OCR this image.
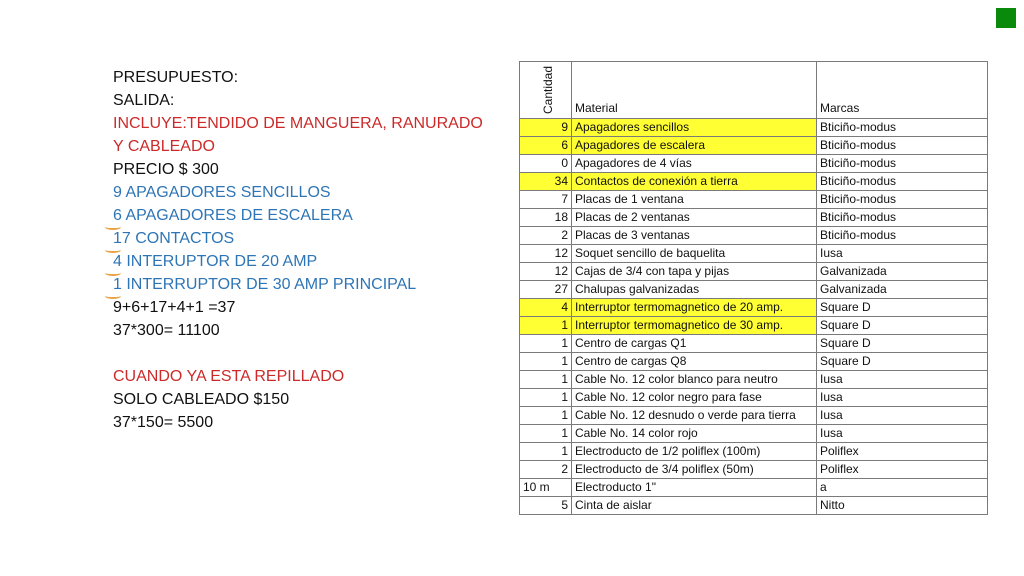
PRESUPUESTO:
SALIDA:
INCLUYE:TENDIDO DE MANGUERA, RANURADO
Y CABLEADO
PRECIO $ 300
9 APAGADORES SENCILLOS
6 APAGADORES DE ESCALERA
17 CONTACTOS
4 INTERUPTOR DE 20 AMP
1 INTERRUPTOR DE 30 AMP PRINCIPAL
9+6+17+4+1 =37
37*300= 11100
CUANDO YA ESTA REPILLADO
SOLO CABLEADO $150
37*150= 5500
Cantidad	Material	Marcas
9	Apagadores sencillos	Bticiño-modus
6	Apagadores de escalera	Bticiño-modus
0	Apagadores de 4 vías	Bticiño-modus
34	Contactos de conexión a tierra	Bticiño-modus
7	Placas de 1 ventana	Bticiño-modus
18	Placas de 2 ventanas	Bticiño-modus
2	Placas de 3 ventanas	Bticiño-modus
12	Soquet sencillo de baquelita	Iusa
12	Cajas de 3/4 con tapa y pijas	Galvanizada
27	Chalupas galvanizadas	Galvanizada
4	Interruptor termomagnetico de 20 amp.	Square D
1	Interruptor termomagnetico de 30 amp.	Square D
1	Centro de cargas Q1	Square D
1	Centro de cargas Q8	Square D
1	Cable No. 12 color blanco para neutro	Iusa
1	Cable No. 12 color negro para fase	Iusa
1	Cable No. 12 desnudo o verde para tierra	Iusa
1	Cable No. 14 color rojo	Iusa
1	Electroducto de 1/2 poliflex (100m)	Poliflex
2	Electroducto de 3/4 poliflex (50m)	Poliflex
10 m	Electroducto 1"	a
5	Cinta de aislar	Nitto
